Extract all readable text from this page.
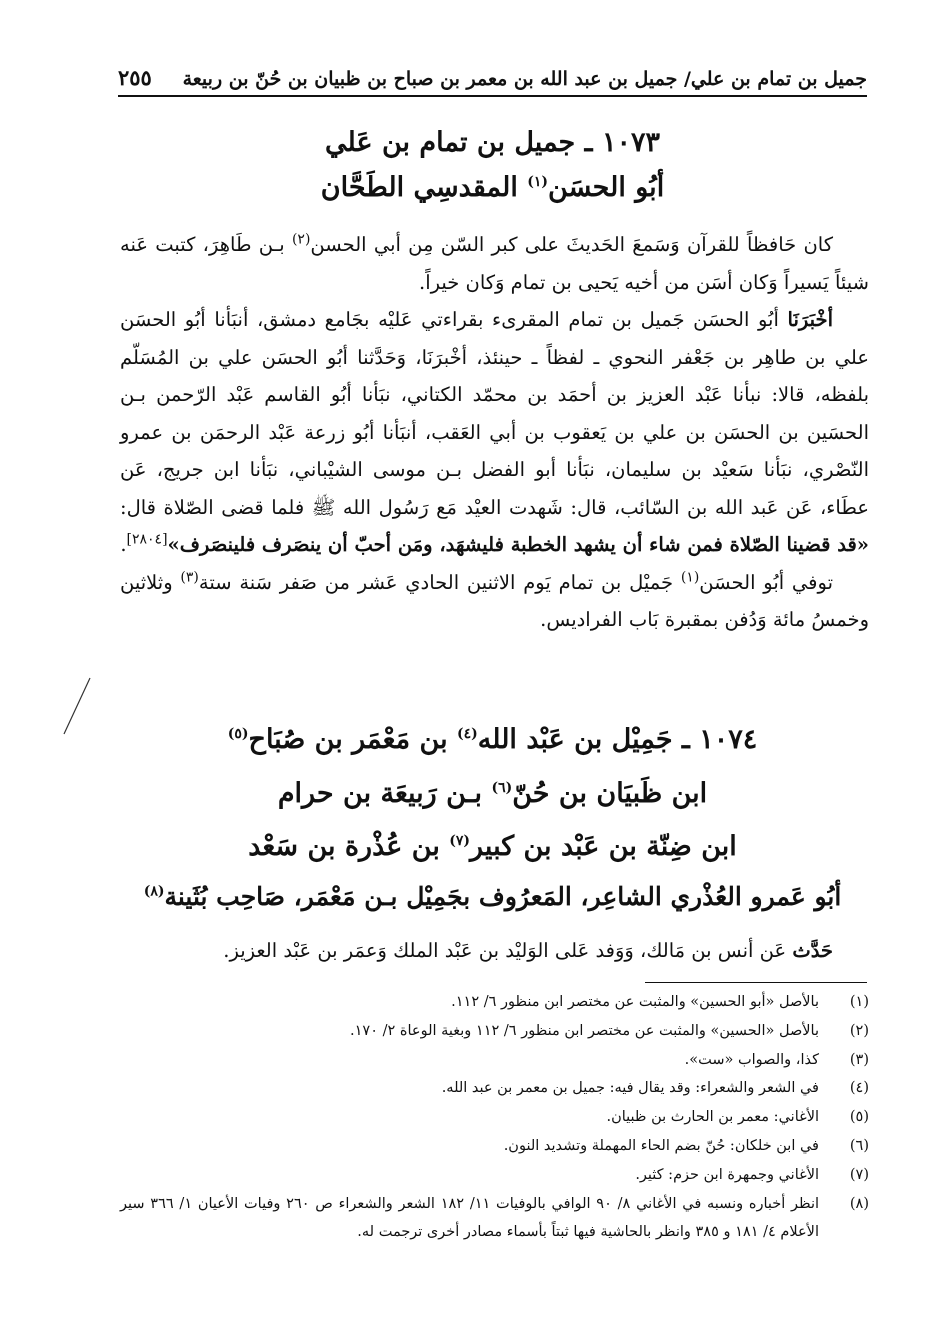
٢٥٥ جميل بن تمام بن علي/ جميل بن عبد الله بن معمر بن صباح بن ظبيان بن حُنّ بن ربيعة
١٠٧٣ ـ جميل بن تمام بن عَلي
أبُو الحسَن$^{(١)}$ المقدسِي الطَحَّان

كان حَافظاً للقرآن وَسَمعَ الحَديثَ على كبر السّن مِن أبي الحسن$^{(٢)}$ بـن طَاهِرَ، كتبت عَنه شيئاً يَسيراً وَكان أسَن من أخيه يَحيى بن تمام وَكان خيراً.

أخْبَرَنَا أبُو الحسَن جَميل بن تمام المقرىء بقراءتي عَليْه بجَامع دمشق، أنبَأنا أبُو الحسَن علي بن طاهِر بن جَعْفر النحوي ـ لفظاً ـ حينئذ، أخْبرَنَا، وَحَدَّثنا أبُو الحسَن علي بن المُسَلّم بلفظه، قالا: نبأنا عَبْد العزيز بن أحمَد بن محمّد الكتاني، نبَأنا أبُو القاسم عَبْد الرّحمن بـن الحسَين بن الحسَن بن علي بن يَعقوب بن أبي العَقب، أنبَأنا أبُو زرعة عَبْد الرحمَن بن عمرو النّصْري، نبَأنا سَعيْد بن سليمان، نبَأنا أبو الفضل بـن موسى الشيْباني، نبَأنا ابن جريج، عَن عطَاء، عَن عَبد الله بن السّائب، قال: شَهدت العيْد مَع رَسُول الله ﷺ فلما قضى الصّلاة قال: «قد قضينا الصّلاة فمن شاء أن يشهد الخطبة فليشهَد، ومَن أحبّ أن ينصَرف فلينصَرف»[٢٨٠٤].

توفي أبُو الحسَن$^{(١)}$ جَميْل بن تمام يَوم الاثنين الحادي عَشر من صَفر سَنة ستة$^{(٣)}$ وثلاثين وخمسُ مائة وَدُفن بمقبرة بَاب الفراديس.

١٠٧٤ ـ جَمِيْل بن عَبْد الله$^{(٤)}$ بن مَعْمَر بن صُبَاح$^{(٥)}$
ابن ظَبيَان بن حُنّ$^{(٦)}$ بـن رَبيعَة بن حرام
ابن ضِنّة بن عَبْد بن كبير$^{(٧)}$ بن عُذْرة بن سَعْد
أبُو عَمرو العُذْري الشاعِر، المَعرُوف بجَمِيْل بـن مَعْمَر، صَاحِب بُثَينة$^{(٨)}$

حَدَّث عَن أنس بن مَالك، وَوَفد عَلى الوَليْد بن عَبْد الملك وَعمَر بن عَبْد العزيز.

(١)
بالأصل «أبو الحسين» والمثبت عن مختصر ابن منظور ٦/ ١١٢.
(٢)
بالأصل «الحسين» والمثبت عن مختصر ابن منظور ٦/ ١١٢ وبغية الوعاة ٢/ ١٧٠.
(٣)
كذا، والصواب «ست».
(٤)
في الشعر والشعراء: وقد يقال فيه: جميل بن معمر بن عبد الله.
(٥)
الأغاني: معمر بن الحارث بن ظبيان.
(٦)
في ابن خلكان: حُنّ بضم الحاء المهملة وتشديد النون.
(٧)
الأغاني وجمهرة ابن حزم: كثير.
(٨)
انظر أخباره ونسبه في الأغاني ٨/ ٩٠ الوافي بالوفيات ١١/ ١٨٢ الشعر والشعراء ص ٢٦٠ وفيات الأعيان ١/ ٣٦٦ سير الأعلام ٤/ ١٨١ و ٣٨٥ وانظر بالحاشية فيها ثبتاً بأسماء مصادر أخرى ترجمت له.
